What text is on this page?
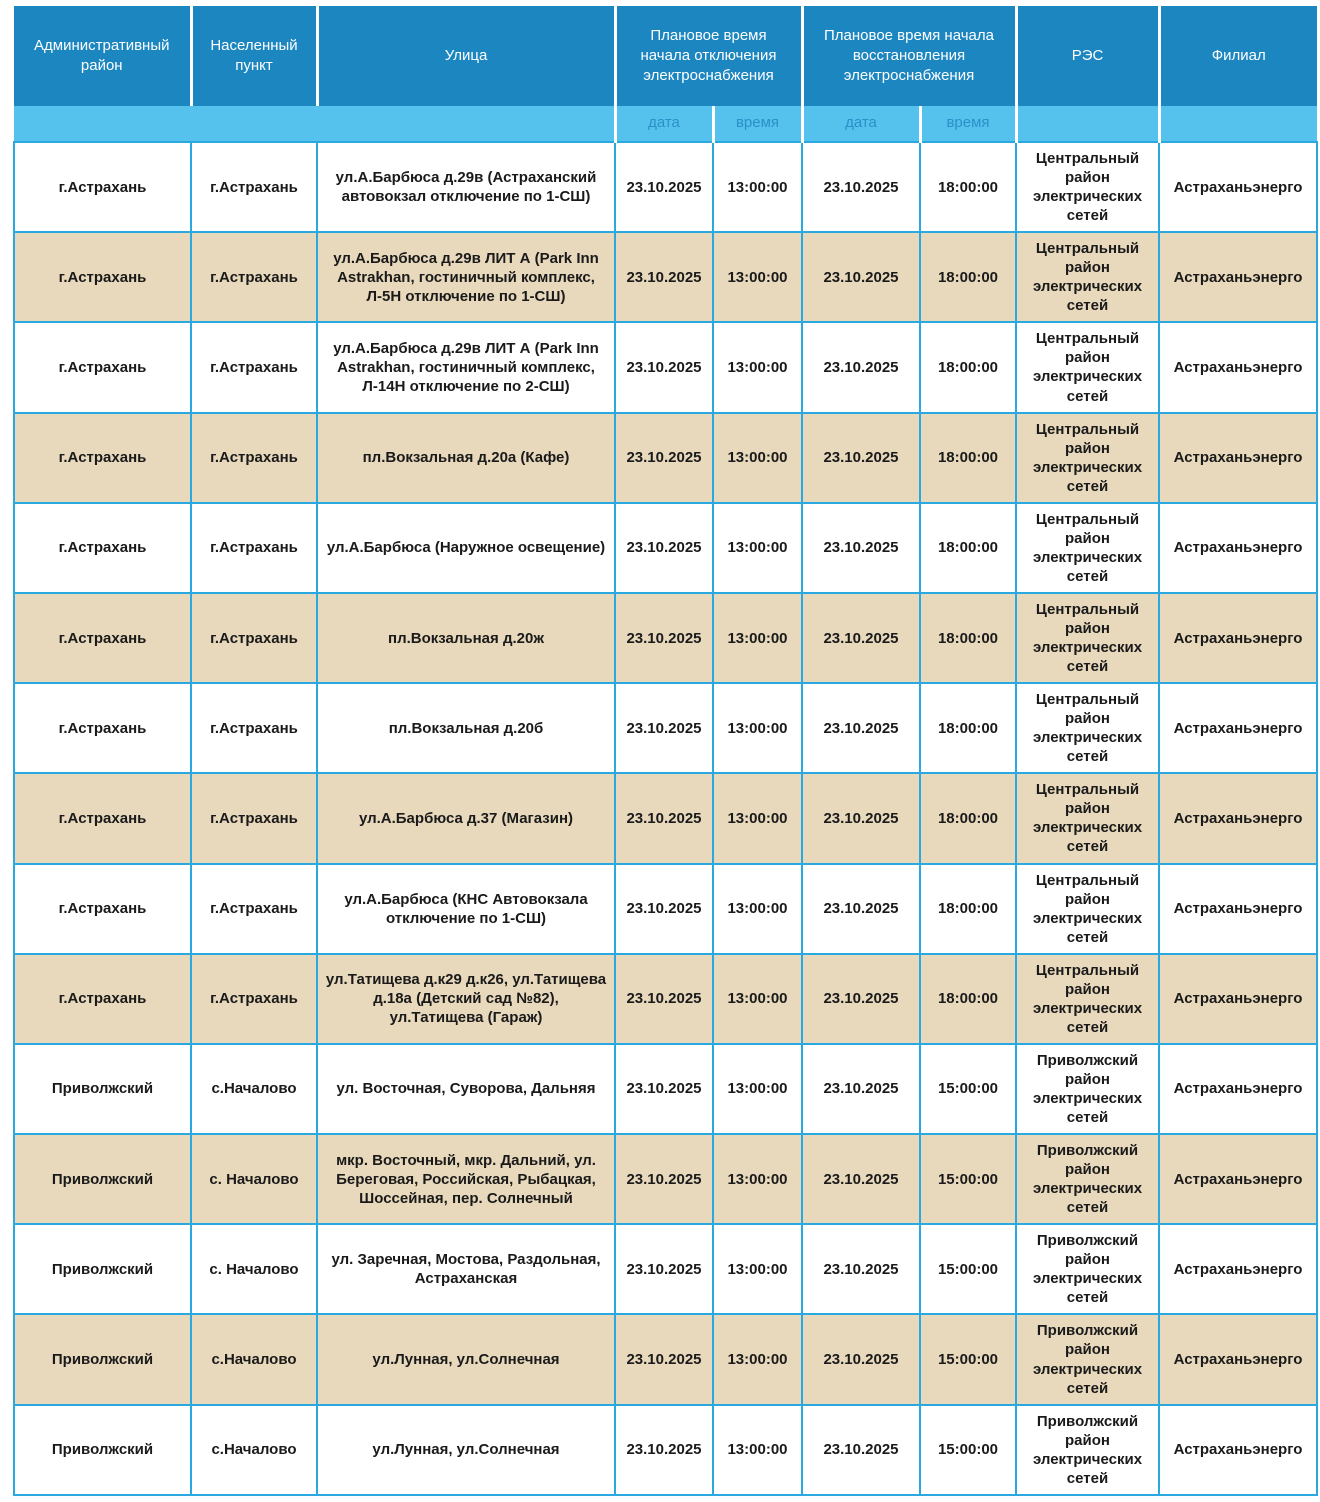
Административный район	Населенный пункт	Улица	Плановое время начала отключения электроснабжения		Плановое время начала восстановления электроснабжения		РЭС	Филиал
			дата	время	дата	время		
г.Астрахань	г.Астрахань	ул.А.Барбюса д.29в (Астраханский автовокзал отключение по 1-СШ)	23.10.2025	13:00:00	23.10.2025	18:00:00	Центральный район электрических сетей	Астраханьэнерго
г.Астрахань	г.Астрахань	ул.А.Барбюса д.29в ЛИТ А (Park Inn Astrakhan, гостиничный комплекс, Л-5Н отключение по 1-СШ)	23.10.2025	13:00:00	23.10.2025	18:00:00	Центральный район электрических сетей	Астраханьэнерго
г.Астрахань	г.Астрахань	ул.А.Барбюса д.29в ЛИТ А (Park Inn Astrakhan, гостиничный комплекс, Л-14Н отключение по 2-СШ)	23.10.2025	13:00:00	23.10.2025	18:00:00	Центральный район электрических сетей	Астраханьэнерго
г.Астрахань	г.Астрахань	пл.Вокзальная д.20а (Кафе)	23.10.2025	13:00:00	23.10.2025	18:00:00	Центральный район электрических сетей	Астраханьэнерго
г.Астрахань	г.Астрахань	ул.А.Барбюса (Наружное освещение)	23.10.2025	13:00:00	23.10.2025	18:00:00	Центральный район электрических сетей	Астраханьэнерго
г.Астрахань	г.Астрахань	пл.Вокзальная д.20ж	23.10.2025	13:00:00	23.10.2025	18:00:00	Центральный район электрических сетей	Астраханьэнерго
г.Астрахань	г.Астрахань	пл.Вокзальная д.20б	23.10.2025	13:00:00	23.10.2025	18:00:00	Центральный район электрических сетей	Астраханьэнерго
г.Астрахань	г.Астрахань	ул.А.Барбюса д.37 (Магазин)	23.10.2025	13:00:00	23.10.2025	18:00:00	Центральный район электрических сетей	Астраханьэнерго
г.Астрахань	г.Астрахань	ул.А.Барбюса (КНС Автовокзала отключение по 1-СШ)	23.10.2025	13:00:00	23.10.2025	18:00:00	Центральный район электрических сетей	Астраханьэнерго
г.Астрахань	г.Астрахань	ул.Татищева д.к29 д.к26, ул.Татищева д.18а (Детский сад №82), ул.Татищева (Гараж)	23.10.2025	13:00:00	23.10.2025	18:00:00	Центральный район электрических сетей	Астраханьэнерго
Приволжский	с.Началово	ул. Восточная, Суворова, Дальняя	23.10.2025	13:00:00	23.10.2025	15:00:00	Приволжский район электрических сетей	Астраханьэнерго
Приволжский	с. Началово	мкр. Восточный, мкр. Дальний, ул. Береговая, Российская, Рыбацкая, Шоссейная, пер. Солнечный	23.10.2025	13:00:00	23.10.2025	15:00:00	Приволжский район электрических сетей	Астраханьэнерго
Приволжский	с. Началово	ул. Заречная, Мостова, Раздольная, Астраханская	23.10.2025	13:00:00	23.10.2025	15:00:00	Приволжский район электрических сетей	Астраханьэнерго
Приволжский	с.Началово	ул.Лунная, ул.Солнечная	23.10.2025	13:00:00	23.10.2025	15:00:00	Приволжский район электрических сетей	Астраханьэнерго
Приволжский	с.Началово	ул.Лунная, ул.Солнечная	23.10.2025	13:00:00	23.10.2025	15:00:00	Приволжский район электрических сетей	Астраханьэнерго
